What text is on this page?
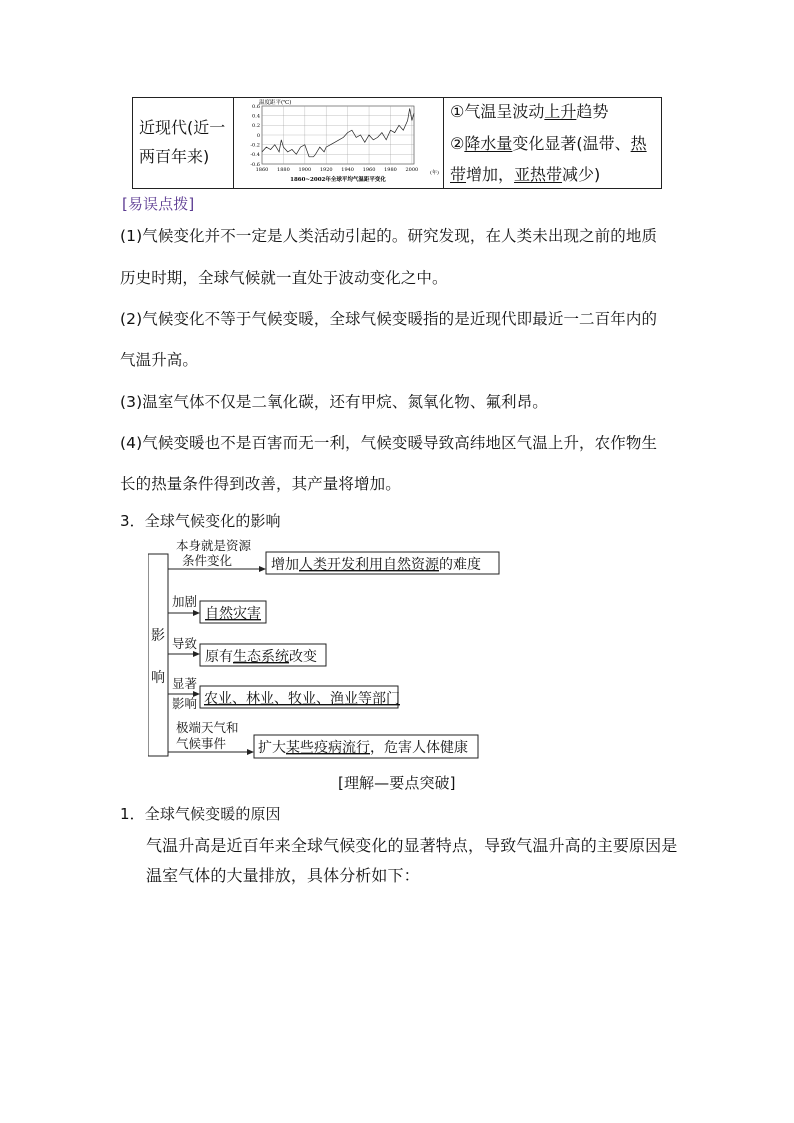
近现代(近一
两百年来)
温度距平(℃)
0.6
0.4
0.2
0
-0.2
-0.4
-0.6
1860 1880 1900 1920 1940 1960 1980 2000 (年)
1860~2002年全球平均气温距平变化
①气温呈波动上升趋势
②降水量变化显著(温带、热
带增加，亚热带减少)
[易误点拨]
(1)气候变化并不一定是人类活动引起的。研究发现，在人类未出现之前的地质
历史时期，全球气候就一直处于波动变化之中。
(2)气候变化不等于气候变暖，全球气候变暖指的是近现代即最近一二百年内的
气温升高。
(3)温室气体不仅是二氧化碳，还有甲烷、氮氧化物、氟利昂。
(4)气候变暖也不是百害而无一利，气候变暖导致高纬地区气温上升，农作物生
长的热量条件得到改善，其产量将增加。
3．全球气候变化的影响
影
响
本身就是资源
条件变化	增加人类开发利用自然资源的难度
加剧
自然灾害
导致
原有生态系统改变
显著
影响 农业、林业、牧业、渔业等部门
极端天气和
气候事件 扩大某些疫病流行，危害人体健康
[理解—要点突破]
1．全球气候变暖的原因
气温升高是近百年来全球气候变化的显著特点，导致气温升高的主要原因是
温室气体的大量排放，具体分析如下：
